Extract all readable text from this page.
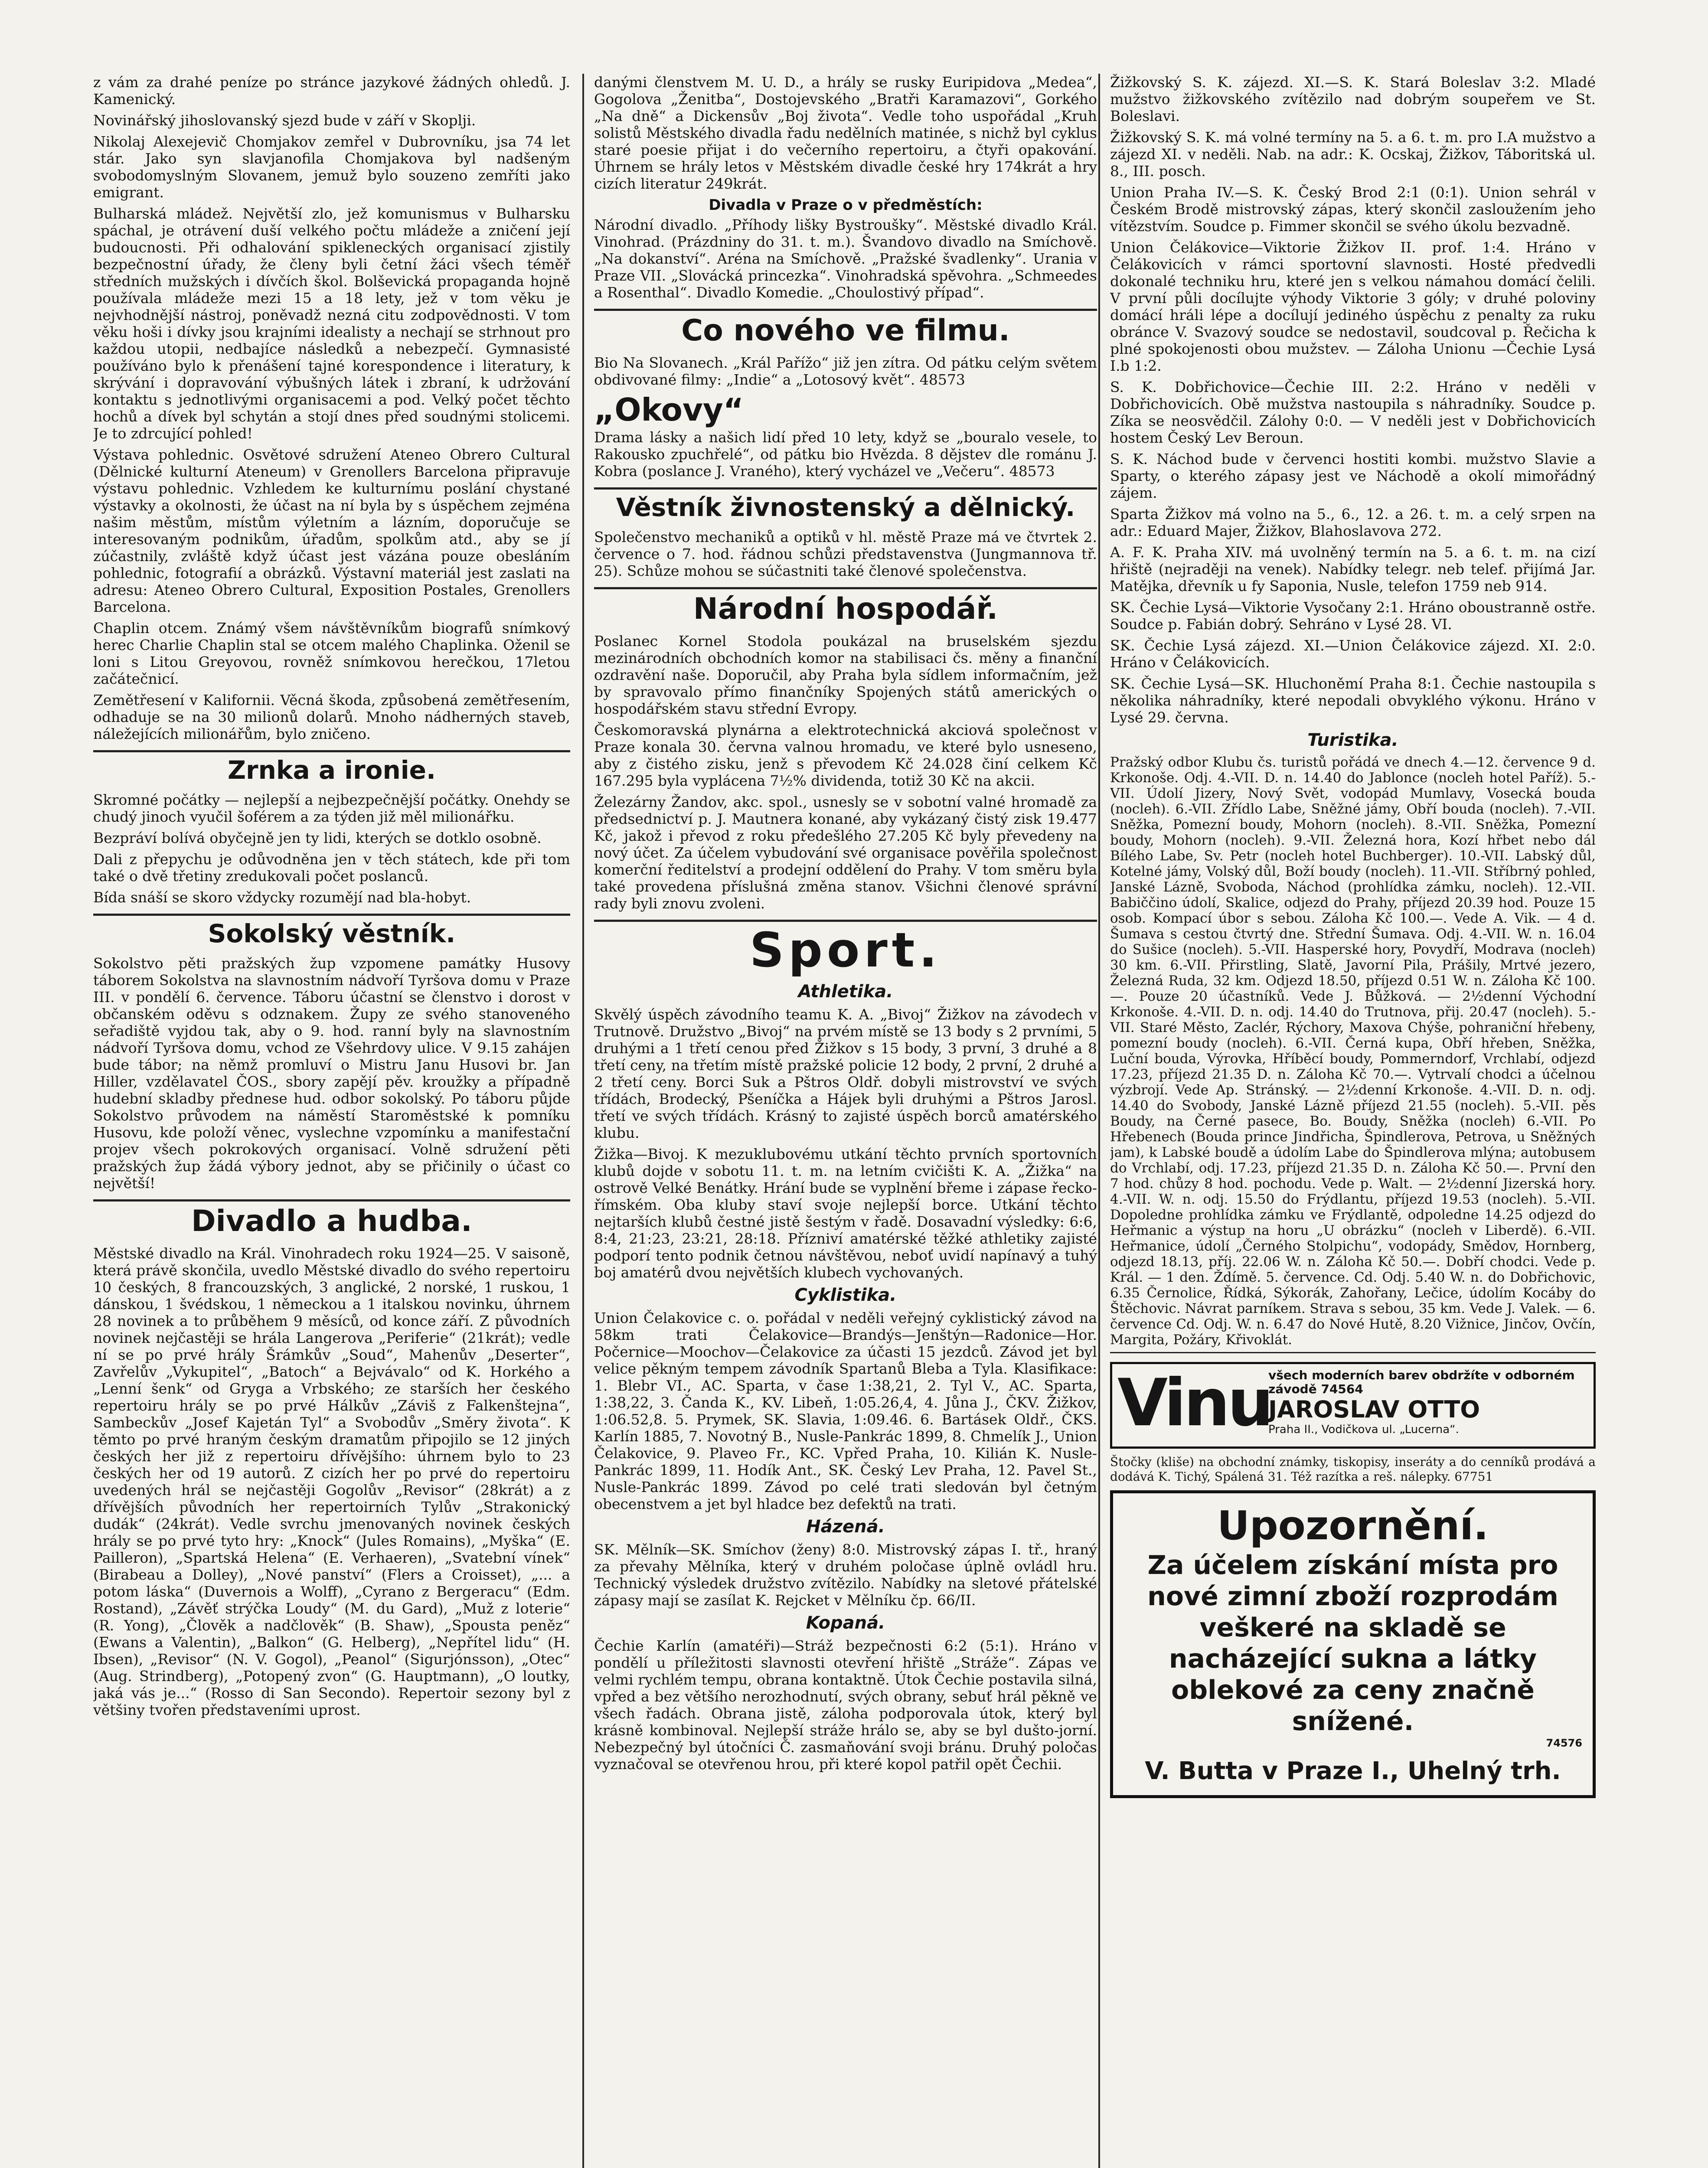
z vám za drahé peníze po stránce jazykové žádných ohledů. J. Kamenický.

Novinářský jihoslovanský sjezd bude v září v Skoplji.

Nikolaj Alexejevič Chomjakov zemřel v Dubrovníku, jsa 74 let stár. Jako syn slavjanofila Chomjakova byl nadšeným svobodomyslným Slovanem, jemuž bylo souzeno zemříti jako emigrant.

Bulharská mládež. Největší zlo, jež komunismus v Bulharsku spáchal, je otrávení duší velkého počtu mládeže a zničení její budoucnosti. Při odhalování spikleneckých organisací zjistily bezpečnostní úřady, že členy byli četní žáci všech téměř středních mužských i dívčích škol. Bolševická propaganda hojně používala mládeže mezi 15 a 18 lety, jež v tom věku je nejvhodnější nástroj, poněvadž nezná citu zodpovědnosti. V tom věku hoši i dívky jsou krajními idealisty a nechají se strhnout pro každou utopii, nedbajíce následků a nebezpečí. Gymnasisté používáno bylo k přenášení tajné korespondence i literatury, k skrývání i dopravování výbušných látek i zbraní, k udržování kontaktu s jednotlivými organisacemi a pod. Velký počet těchto hochů a dívek byl schytán a stojí dnes před soudnými stolicemi. Je to zdrcující pohled!

Výstava pohlednic. Osvětové sdružení Ateneo Obrero Cultural (Dělnické kulturní Ateneum) v Grenollers Barcelona připravuje výstavu pohlednic. Vzhledem ke kulturnímu poslání chystané výstavky a okolnosti, že účast na ní byla by s úspěchem zejména našim městům, místům výletním a lázním, doporučuje se interesovaným podnikům, úřadům, spolkům atd., aby se jí zúčastnily, zvláště když účast jest vázána pouze obesláním pohlednic, fotografií a obrázků. Výstavní materiál jest zaslati na adresu: Ateneo Obrero Cultural, Exposition Postales, Grenollers Barcelona.

Chaplin otcem. Známý všem návštěvníkům biografů snímkový herec Charlie Chaplin stal se otcem malého Chaplinka. Oženil se loni s Litou Greyovou, rovněž snímkovou herečkou, 17letou začátečnicí.

Zemětřesení v Kalifornii. Věcná škoda, způsobená zemětřesením, odhaduje se na 30 milionů dolarů. Mnoho nádherných staveb, náležejících milionářům, bylo zničeno.

Zrnka a ironie.

Skromné počátky — nejlepší a nejbezpečnější počátky. Onehdy se chudý jinoch vyučil šoférem a za týden již měl milionářku.

Bezpráví bolívá obyčejně jen ty lidi, kterých se dotklo osobně.

Dali z přepychu je odůvodněna jen v těch státech, kde při tom také o dvě třetiny zredukovali počet poslanců.

Bída snáší se skoro vždycky rozumějí nad bla-hobyt.

Sokolský věstník.

Sokolstvo pěti pražských žup vzpomene památky Husovy táborem Sokolstva na slavnostním nádvoří Tyršova domu v Praze III. v pondělí 6. července. Táboru účastní se členstvo i dorost v občanském oděvu s odznakem. Župy ze svého stanoveného seřadiště vyjdou tak, aby o 9. hod. ranní byly na slavnostním nádvoří Tyršova domu, vchod ze Všehrdovy ulice. V 9.15 zahájen bude tábor; na němž promluví o Mistru Janu Husovi br. Jan Hiller, vzdělavatel ČOS., sbory zapějí pěv. kroužky a případně hudební skladby přednese hud. odbor sokolský. Po táboru půjde Sokolstvo průvodem na náměstí Staroměstské k pomníku Husovu, kde položí věnec, vyslechne vzpomínku a manifestační projev všech pokrokových organisací. Volně sdružení pěti pražských žup žádá výbory jednot, aby se přičinily o účast co největší!

Divadlo a hudba.

Městské divadlo na Král. Vinohradech roku 1924—25. V saisoně, která právě skončila, uvedlo Městské divadlo do svého repertoiru 10 českých, 8 francouzských, 3 anglické, 2 norské, 1 ruskou, 1 dánskou, 1 švédskou, 1 německou a 1 italskou novinku, úhrnem 28 novinek a to průběhem 9 měsíců, od konce září. Z původních novinek nejčastěji se hrála Langerova „Periferie“ (21krát); vedle ní se po prvé hrály Šrámkův „Soud“, Mahenův „Deserter“, Zavřelův „Vykupitel“, „Batoch“ a Bejvávalo“ od K. Horkého a „Lenní šenk“ od Gryga a Vrbského; ze starších her českého repertoiru hrály se po prvé Hálkův „Záviš z Falkenštejna“, Sambeckův „Josef Kajetán Tyl“ a Svobodův „Směry života“. K těmto po prvé hraným českým dramatům připojilo se 12 jiných českých her již z repertoiru dřívějšího: úhrnem bylo to 23 českých her od 19 autorů. Z cizích her po prvé do repertoiru uvedených hrál se nejčastěji Gogolův „Revisor“ (28krát) a z dřívějších původních her repertoirních Tylův „Strakonický dudák“ (24krát). Vedle svrchu jmenovaných novinek českých hrály se po prvé tyto hry: „Knock“ (Jules Romains), „Myška“ (E. Pailleron), „Spartská Helena“ (E. Verhaeren), „Svatební vínek“ (Birabeau a Dolley), „Nové panství“ (Flers a Croisset), „... a potom láska“ (Duvernois a Wolff), „Cyrano z Bergeracu“ (Edm. Rostand), „Závěť strýčka Loudy“ (M. du Gard), „Muž z loterie“ (R. Yong), „Člověk a nadčlověk“ (B. Shaw), „Spousta peněz“ (Ewans a Valentin), „Balkon“ (G. Helberg), „Nepřítel lidu“ (H. Ibsen), „Revisor“ (N. V. Gogol), „Peanol“ (Sigurjónsson), „Otec“ (Aug. Strindberg), „Potopený zvon“ (G. Hauptmann), „O loutky, jaká vás je...“ (Rosso di San Secondo). Repertoir sezony byl z většiny tvořen představeními uprost.

danými členstvem M. U. D., a hrály se rusky Euripidova „Medea“, Gogolova „Ženitba“, Dostojevského „Bratři Karamazovi“, Gorkého „Na dně“ a Dickensův „Boj života“. Vedle toho uspořádal „Kruh solistů Městského divadla řadu nedělních matinée, s nichž byl cyklus staré poesie přijat i do večerního repertoiru, a čtyři opakování. Úhrnem se hrály letos v Městském divadle české hry 174krát a hry cizích literatur 249krát.

Divadla v Praze o v předměstích:

Národní divadlo. „Příhody lišky Bystroušky“. Městské divadlo Král. Vinohrad. (Prázdniny do 31. t. m.). Švandovo divadlo na Smíchově. „Na dokanství“. Aréna na Smíchově. „Pražské švadlenky“. Urania v Praze VII. „Slovácká princezka“. Vinohradská spěvohra. „Schmeedes a Rosenthal“. Divadlo Komedie. „Choulostivý případ“.

Co nového ve filmu.

Bio Na Slovanech. „Král Pařížo“ již jen zítra. Od pátku celým světem obdivované filmy: „Indie“ a „Lotosový květ“. 48573

„Okovy“

Drama lásky a našich lidí před 10 lety, když se „bouralo vesele, to Rakousko zpuchřelé“, od pátku bio Hvězda. 8 dějstev dle románu J. Kobra (poslance J. Vraného), který vycházel ve „Večeru“. 48573

Věstník živnostenský a dělnický.

Společenstvo mechaniků a optiků v hl. městě Praze má ve čtvrtek 2. července o 7. hod. řádnou schůzi představenstva (Jungmannova tř. 25). Schůze mohou se súčastniti také členové společenstva.

Národní hospodář.

Poslanec Kornel Stodola poukázal na bruselském sjezdu mezinárodních obchodních komor na stabilisaci čs. měny a finanční ozdravění naše. Doporučil, aby Praha byla sídlem informačním, jež by spravovalo přímo finančníky Spojených států amerických o hospodářském stavu střední Evropy.

Českomoravská plynárna a elektrotechnická akciová společnost v Praze konala 30. června valnou hromadu, ve které bylo usneseno, aby z čistého zisku, jenž s převodem Kč 24.028 činí celkem Kč 167.295 byla vyplácena 7½% dividenda, totiž 30 Kč na akcii.

Železárny Žandov, akc. spol., usnesly se v sobotní valné hromadě za předsednictví p. J. Mautnera konané, aby vykázaný čistý zisk 19.477 Kč, jakož i převod z roku předešlého 27.205 Kč byly převedeny na nový účet. Za účelem vybudování své organisace pověřila společnost komerční ředitelství a prodejní oddělení do Prahy. V tom směru byla také provedena příslušná změna stanov. Všichni členové správní rady byli znovu zvoleni.

Sport.
Athletika.

Skvělý úspěch závodního teamu K. A. „Bivoj“ Žižkov na závodech v Trutnově. Družstvo „Bivoj“ na prvém místě se 13 body s 2 prvními, 5 druhými a 1 třetí cenou před Žižkov s 15 body, 3 první, 3 druhé a 8 třetí ceny, na třetím místě pražské policie 12 body, 2 první, 2 druhé a 2 třetí ceny. Borci Suk a Pštros Oldř. dobyli mistrovství ve svých třídách, Brodecký, Pšeníčka a Hájek byli druhými a Pštros Jarosl. třetí ve svých třídách. Krásný to zajisté úspěch borců amatérského klubu.

Žižka—Bivoj. K mezuklubovému utkání těchto prvních sportovních klubů dojde v sobotu 11. t. m. na letním cvičišti K. A. „Žižka“ na ostrově Velké Benátky. Hrání bude se vyplnění břeme i zápase řecko-římském. Oba kluby staví svoje nejlepší borce. Utkání těchto nejtarších klubů čestné jistě šestým v řadě. Dosavadní výsledky: 6:6, 8:4, 21:23, 23:21, 28:18. Přízniví amatérské těžké athletiky zajisté podporí tento podnik četnou návštěvou, neboť uvidí napínavý a tuhý boj amatérů dvou největších klubech vychovaných.

Cyklistika.

Union Čelakovice c. o. pořádal v neděli veřejný cyklistický závod na 58km trati Čelakovice—Brandýs—Jenštýn—Radonice—Hor. Počernice—Moochov—Čelakovice za účasti 15 jezdců. Závod jet byl velice pěkným tempem závodník Spartanů Bleba a Tyla. Klasifikace: 1. Blebr VI., AC. Sparta, v čase 1:38,21, 2. Tyl V., AC. Sparta, 1:38,22, 3. Čanda K., KV. Libeň, 1:05.26,4, 4. Jůna J., ČKV. Žižkov, 1:06.52,8. 5. Prymek, SK. Slavia, 1:09.46. 6. Bartásek Oldř., ČKS. Karlín 1885, 7. Novotný B., Nusle-Pankrác 1899, 8. Chmelík J., Union Čelakovice, 9. Plaveo Fr., KC. Vpřed Praha, 10. Kilián K. Nusle-Pankrác 1899, 11. Hodík Ant., SK. Český Lev Praha, 12. Pavel St., Nusle-Pankrác 1899. Závod po celé trati sledován byl četným obecenstvem a jet byl hladce bez defektů na trati.

Házená.

SK. Mělník—SK. Smíchov (ženy) 8:0. Mistrovský zápas I. tř., hraný za převahy Mělníka, který v druhém poločase úplně ovládl hru. Technický výsledek družstvo zvítězilo. Nabídky na sletové přátelské zápasy mají se zasílat K. Rejcket v Mělníku čp. 66/II.

Kopaná.

Čechie Karlín (amatéři)—Stráž bezpečnosti 6:2 (5:1). Hráno v pondělí u příležitosti slavnosti otevření hřiště „Stráže“. Zápas ve velmi rychlém tempu, obrana kontaktně. Útok Čechie postavila silná, vpřed a bez většího nerozhodnutí, svých obrany, sebuť hrál pěkně ve všech řadách. Obrana jistě, záloha podporovala útok, který byl krásně kombinoval. Nejlepší stráže hrálo se, aby se byl dušto-jorní. Nebezpečný byl útočníci Č. zasmaňování svoji bránu. Druhý poločas vyznačoval se otevřenou hrou, při které kopol patřil opět Čechii.

Žižkovský S. K. zájezd. XI.—S. K. Stará Boleslav 3:2. Mladé mužstvo žižkovského zvítězilo nad dobrým soupeřem ve St. Boleslavi.

Žižkovský S. K. má volné termíny na 5. a 6. t. m. pro I.A mužstvo a zájezd XI. v neděli. Nab. na adr.: K. Ocskaj, Žižkov, Táboritská ul. 8., III. posch.

Union Praha IV.—S. K. Český Brod 2:1 (0:1). Union sehrál v Českém Brodě mistrovský zápas, který skončil zasloužením jeho vítězstvím. Soudce p. Fimmer skončil se svého úkolu bezvadně.

Union Čelákovice—Viktorie Žižkov II. prof. 1:4. Hráno v Čelákovicích v rámci sportovní slavnosti. Hosté předvedli dokonalé techniku hru, které jen s velkou námahou domácí čelili. V první půli docílujte výhody Viktorie 3 góly; v druhé poloviny domácí hráli lépe a docílují jediného úspěchu z penalty za ruku obránce V. Svazový soudce se nedostavil, soudcoval p. Řečicha k plné spokojenosti obou mužstev. — Záloha Unionu —Čechie Lysá I.b 1:2.

S. K. Dobřichovice—Čechie III. 2:2. Hráno v neděli v Dobřichovicích. Obě mužstva nastoupila s náhradníky. Soudce p. Zíka se neosvědčil. Zálohy 0:0. — V neděli jest v Dobřichovicích hostem Český Lev Beroun.

S. K. Náchod bude v červenci hostiti kombi. mužstvo Slavie a Sparty, o kterého zápasy jest ve Náchodě a okolí mimořádný zájem.

Sparta Žižkov má volno na 5., 6., 12. a 26. t. m. a celý srpen na adr.: Eduard Majer, Žižkov, Blahoslavova 272.

A. F. K. Praha XIV. má uvolněný termín na 5. a 6. t. m. na cizí hřiště (nejraději na venek). Nabídky telegr. neb telef. přijímá Jar. Matějka, dřevník u fy Saponia, Nusle, telefon 1759 neb 914.

SK. Čechie Lysá—Viktorie Vysočany 2:1. Hráno oboustranně ostře. Soudce p. Fabián dobrý. Sehráno v Lysé 28. VI.

SK. Čechie Lysá zájezd. XI.—Union Čelákovice zájezd. XI. 2:0. Hráno v Čelákovicích.

SK. Čechie Lysá—SK. Hluchoněmí Praha 8:1. Čechie nastoupila s několika náhradníky, které nepodali obvyklého výkonu. Hráno v Lysé 29. června.

Turistika.

Pražský odbor Klubu čs. turistů pořádá ve dnech 4.—12. července 9 d. Krkonoše. Odj. 4.-VII. D. n. 14.40 do Jablonce (nocleh hotel Paříž). 5.-VII. Údolí Jizery, Nový Svět, vodopád Mumlavy, Vosecká bouda (nocleh). 6.-VII. Zřídlo Labe, Sněžné jámy, Obří bouda (nocleh). 7.-VII. Sněžka, Pomezní boudy, Mohorn (nocleh). 8.-VII. Sněžka, Pomezní boudy, Mohorn (nocleh). 9.-VII. Železná hora, Kozí hřbet nebo dál Bílého Labe, Sv. Petr (nocleh hotel Buchberger). 10.-VII. Labský důl, Kotelné jámy, Volský důl, Boží boudy (nocleh). 11.-VII. Stříbrný pohled, Janské Lázně, Svoboda, Náchod (prohlídka zámku, nocleh). 12.-VII. Babiččino údolí, Skalice, odjezd do Prahy, příjezd 20.39 hod. Pouze 15 osob. Kompací úbor s sebou. Záloha Kč 100.—. Vede A. Vik. — 4 d. Šumava s cestou čtvrtý dne. Střední Šumava. Odj. 4.-VII. W. n. 16.04 do Sušice (nocleh). 5.-VII. Hasperské hory, Povydří, Modrava (nocleh) 30 km. 6.-VII. Přirstling, Slatě, Javorní Pila, Prášily, Mrtvé jezero, Železná Ruda, 32 km. Odjezd 18.50, příjezd 0.51 W. n. Záloha Kč 100.—. Pouze 20 účastníků. Vede J. Bůžková. — 2½denní Východní Krkonoše. 4.-VII. D. n. odj. 14.40 do Trutnova, přij. 20.47 (nocleh). 5.-VII. Staré Město, Zaclér, Rýchory, Maxova Chýše, pohraniční hřebeny, pomezní boudy (nocleh). 6.-VII. Černá kupa, Obří hřeben, Sněžka, Luční bouda, Výrovka, Hříběcí boudy, Pommerndorf, Vrchlabí, odjezd 17.23, příjezd 21.35 D. n. Záloha Kč 70.—. Vytrvalí chodci a účelnou výzbrojí. Vede Ap. Stránský. — 2½denní Krkonoše. 4.-VII. D. n. odj. 14.40 do Svobody, Janské Lázně příjezd 21.55 (nocleh). 5.-VII. pěs Boudy, na Černé pasece, Bo. Boudy, Sněžka (nocleh) 6.-VII. Po Hřebenech (Bouda prince Jindřicha, Špindlerova, Petrova, u Sněžných jam), k Labské boudě a údolím Labe do Špindlerova mlýna; autobusem do Vrchlabí, odj. 17.23, příjezd 21.35 D. n. Záloha Kč 50.—. První den 7 hod. chůzy 8 hod. pochodu. Vede p. Walt. — 2½denní Jizerská hory. 4.-VII. W. n. odj. 15.50 do Frýdlantu, příjezd 19.53 (nocleh). 5.-VII. Dopoledne prohlídka zámku ve Frýdlantě, odpoledne 14.25 odjezd do Heřmanic a výstup na horu „U obrázku“ (nocleh v Liberdě). 6.-VII. Heřmanice, údolí „Černého Stolpichu“, vodopády, Smědov, Hornberg, odjezd 18.13, příj. 22.06 W. n. Záloha Kč 50.—. Dobří chodci. Vede p. Král. — 1 den. Ždímě. 5. července. Cd. Odj. 5.40 W. n. do Dobřichovic, 6.35 Černolice, Řídká, Sýkorák, Zahořany, Lečice, údolím Kocáby do Štěchovic. Návrat parníkem. Strava s sebou, 35 km. Vede J. Valek. — 6. července Cd. Odj. W. n. 6.47 do Nové Hutě, 8.20 Vižnice, Jinčov, Ovčín, Margita, Požáry, Křivoklát.

Vinu
všech moderních barev obdržíte v odborném závodě 74564
JAROSLAV OTTO
Praha II., Vodičkova ul. „Lucerna“.

Štočky (kliše) na obchodní známky, tiskopisy, inseráty a do cenníků prodává a dodává K. Tichý, Spálená 31. Též razítka a reš. nálepky. 67751

Upozornění.
Za účelem získání místa pro nové zimní zboží rozprodám veškeré na skladě se nacházející sukna a látky oblekové za ceny značně snížené.
74576
V. Butta v Praze I., Uhelný trh.
